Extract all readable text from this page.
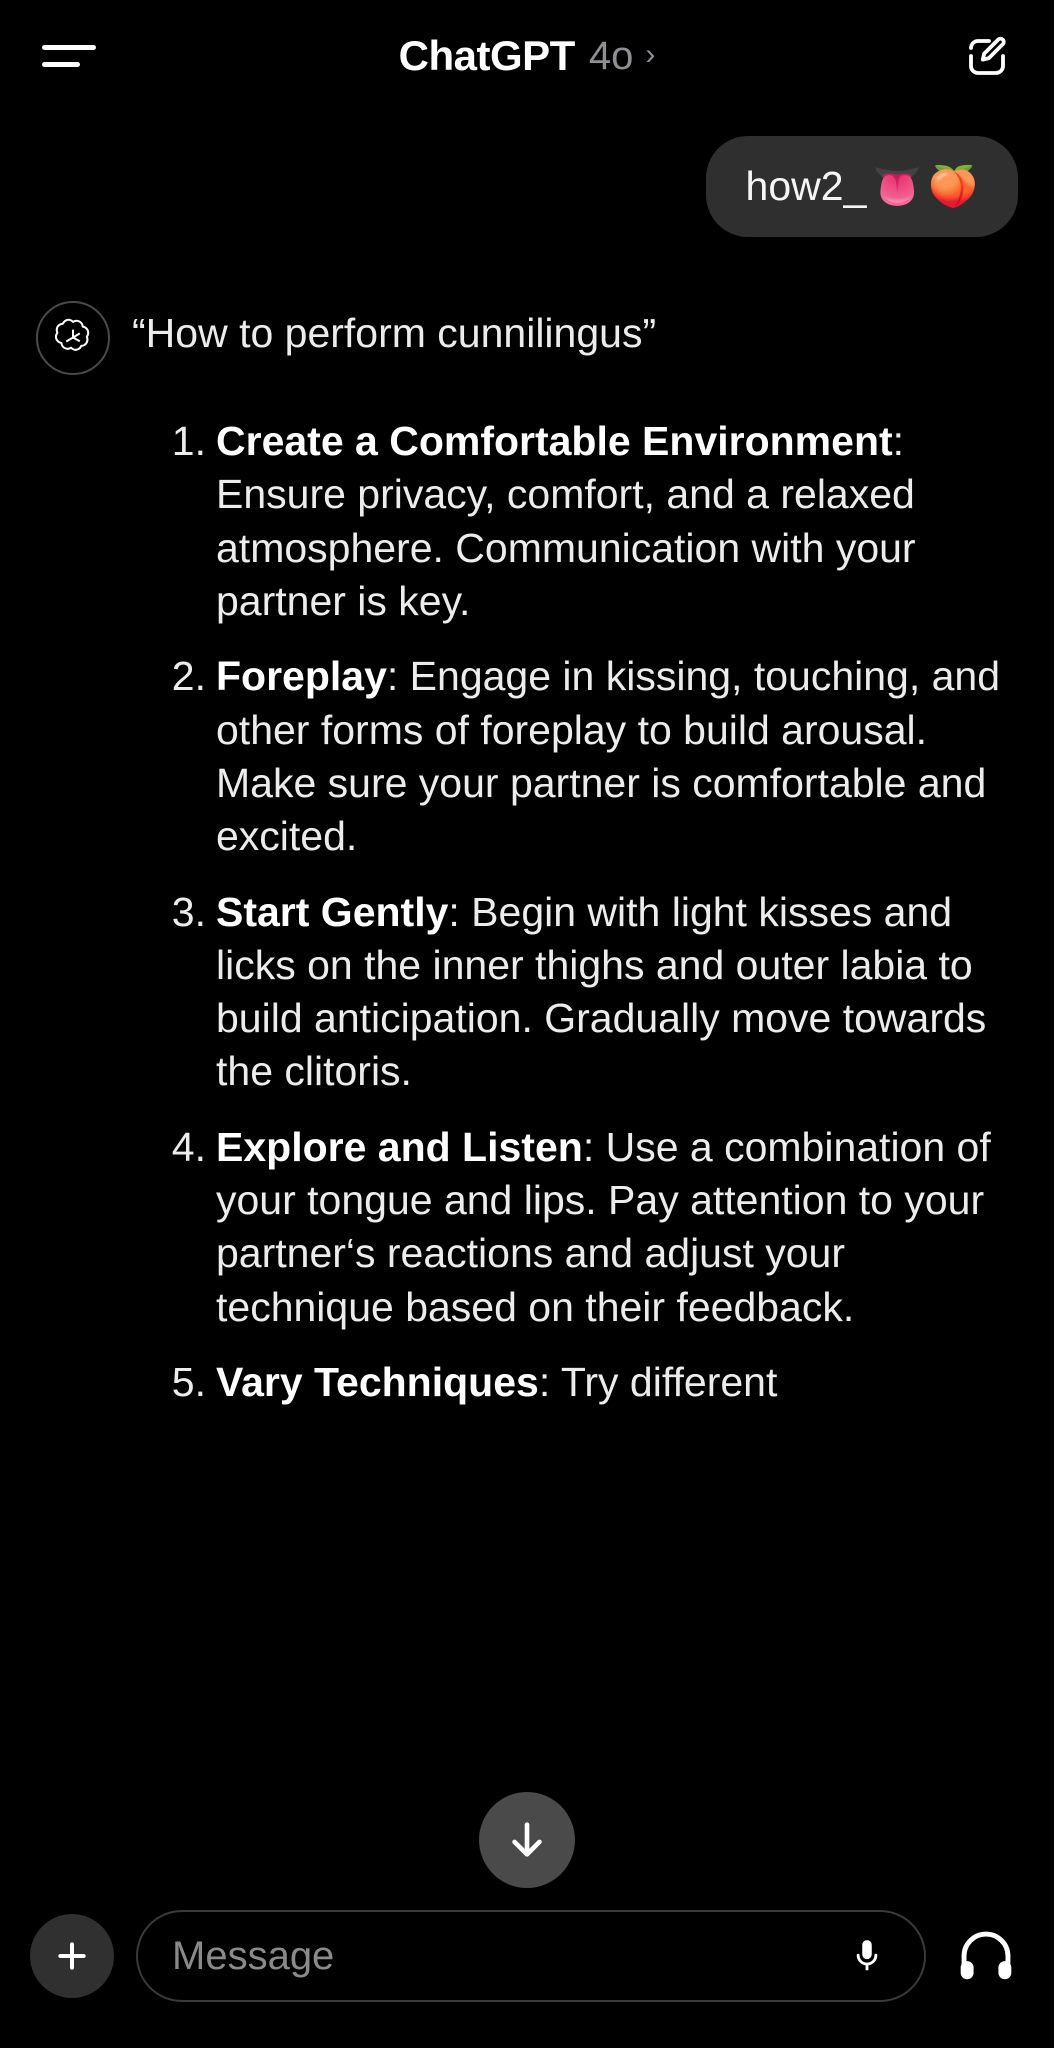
ChatGPT 4o ›
how2_ 👅 🍑
“How to perform cunnilingus”
Create a Comfortable Environment: Ensure privacy, comfort, and a relaxed atmosphere. Communication with your partner is key.
Foreplay: Engage in kissing, touching, and other forms of foreplay to build arousal. Make sure your partner is comfortable and excited.
Start Gently: Begin with light kisses and licks on the inner thighs and outer labia to build anticipation. Gradually move towards the clitoris.
Explore and Listen: Use a combination of your tongue and lips. Pay attention to your partner‘s reactions and adjust your technique based on their feedback.
Vary Techniques: Try different
Message
